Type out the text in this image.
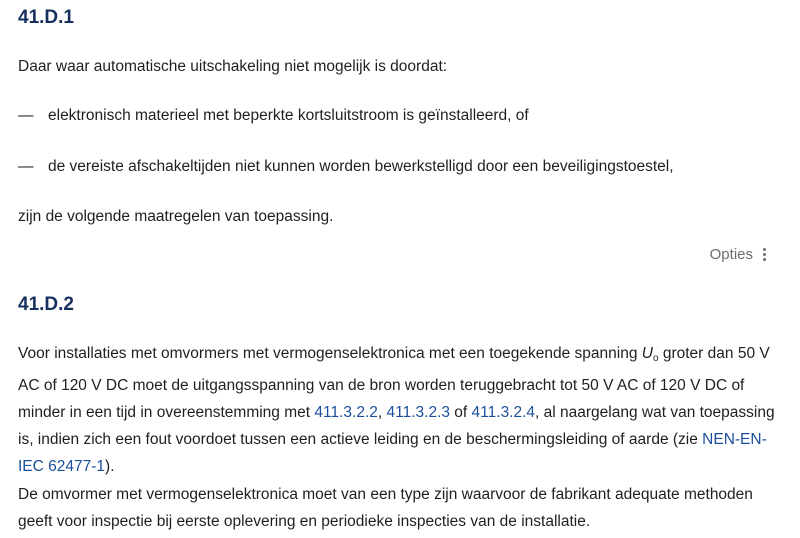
41.D.1

Daar waar automatische uitschakeling niet mogelijk is doordat:

— elektronisch materieel met beperkte kortsluitstroom is geïnstalleerd, of
— de vereiste afschakeltijden niet kunnen worden bewerkstelligd door een beveiligingstoestel,

zijn de volgende maatregelen van toepassing.

Opties
41.D.2

Voor installaties met omvormers met vermogenselektronica met een toegekende spanning $U_o$ groter dan 50 V AC of 120 V DC moet de uitgangsspanning van de bron worden teruggebracht tot 50 V AC of 120 V DC of minder in een tijd in overeenstemming met 411.3.2.2, 411.3.2.3 of 411.3.2.4, al naargelang wat van toepassing is, indien zich een fout voordoet tussen een actieve leiding en de beschermingsleiding of aarde (zie NEN-EN-IEC 62477-1).

De omvormer met vermogenselektronica moet van een type zijn waarvoor de fabrikant adequate methoden geeft voor inspectie bij eerste oplevering en periodieke inspecties van de installatie.
